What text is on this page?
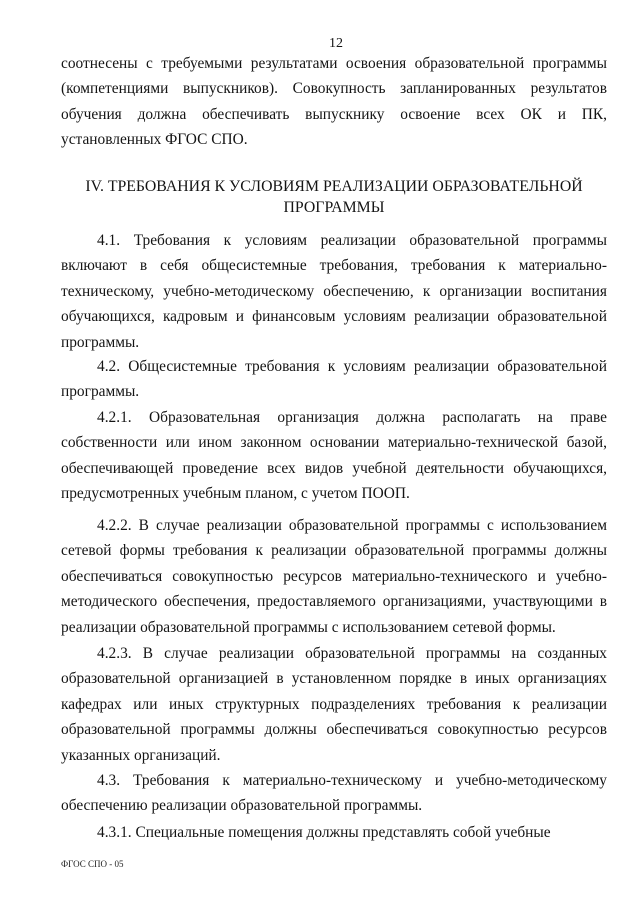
12

соотнесены с требуемыми результатами освоения образовательной программы (компетенциями выпускников). Совокупность запланированных результатов обучения должна обеспечивать выпускнику освоение всех ОК и ПК, установленных ФГОС СПО.

IV. ТРЕБОВАНИЯ К УСЛОВИЯМ РЕАЛИЗАЦИИ ОБРАЗОВАТЕЛЬНОЙ ПРОГРАММЫ

4.1. Требования к условиям реализации образовательной программы включают в себя общесистемные требования, требования к материально-техническому, учебно-методическому обеспечению, к организации воспитания обучающихся, кадровым и финансовым условиям реализации образовательной программы.

4.2. Общесистемные требования к условиям реализации образовательной программы.

4.2.1. Образовательная организация должна располагать на праве собственности или ином законном основании материально-технической базой, обеспечивающей проведение всех видов учебной деятельности обучающихся, предусмотренных учебным планом, с учетом ПООП.

4.2.2. В случае реализации образовательной программы с использованием сетевой формы требования к реализации образовательной программы должны обеспечиваться совокупностью ресурсов материально-технического и учебно-методического обеспечения, предоставляемого организациями, участвующими в реализации образовательной программы с использованием сетевой формы.

4.2.3. В случае реализации образовательной программы на созданных образовательной организацией в установленном порядке в иных организациях кафедрах или иных структурных подразделениях требования к реализации образовательной программы должны обеспечиваться совокупностью ресурсов указанных организаций.

4.3. Требования к материально-техническому и учебно-методическому обеспечению реализации образовательной программы.

4.3.1. Специальные помещения должны представлять собой учебные

ФГОС СПО - 05
